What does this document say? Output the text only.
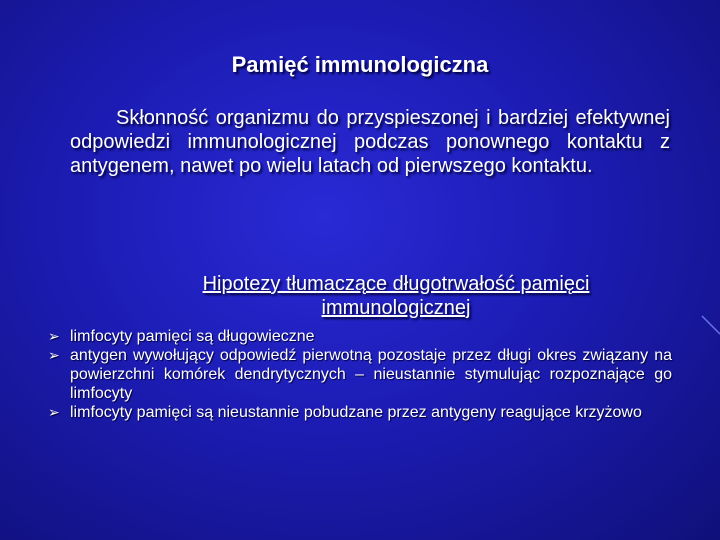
Pamięć immunologiczna
Skłonność organizmu do przyspieszonej i bardziej efektywnej odpowiedzi immunologicznej podczas ponownego kontaktu z antygenem, nawet po wielu latach od pierwszego kontaktu.
Hipotezy tłumaczące długotrwałość pamięci immunologicznej
➢ limfocyty pamięci są długowieczne
➢ antygen wywołujący odpowiedź pierwotną pozostaje przez długi okres związany na powierzchni komórek dendrytycznych – nieustannie stymulując rozpoznające go limfocyty
➢ limfocyty pamięci są nieustannie pobudzane przez antygeny reagujące krzyżowo
